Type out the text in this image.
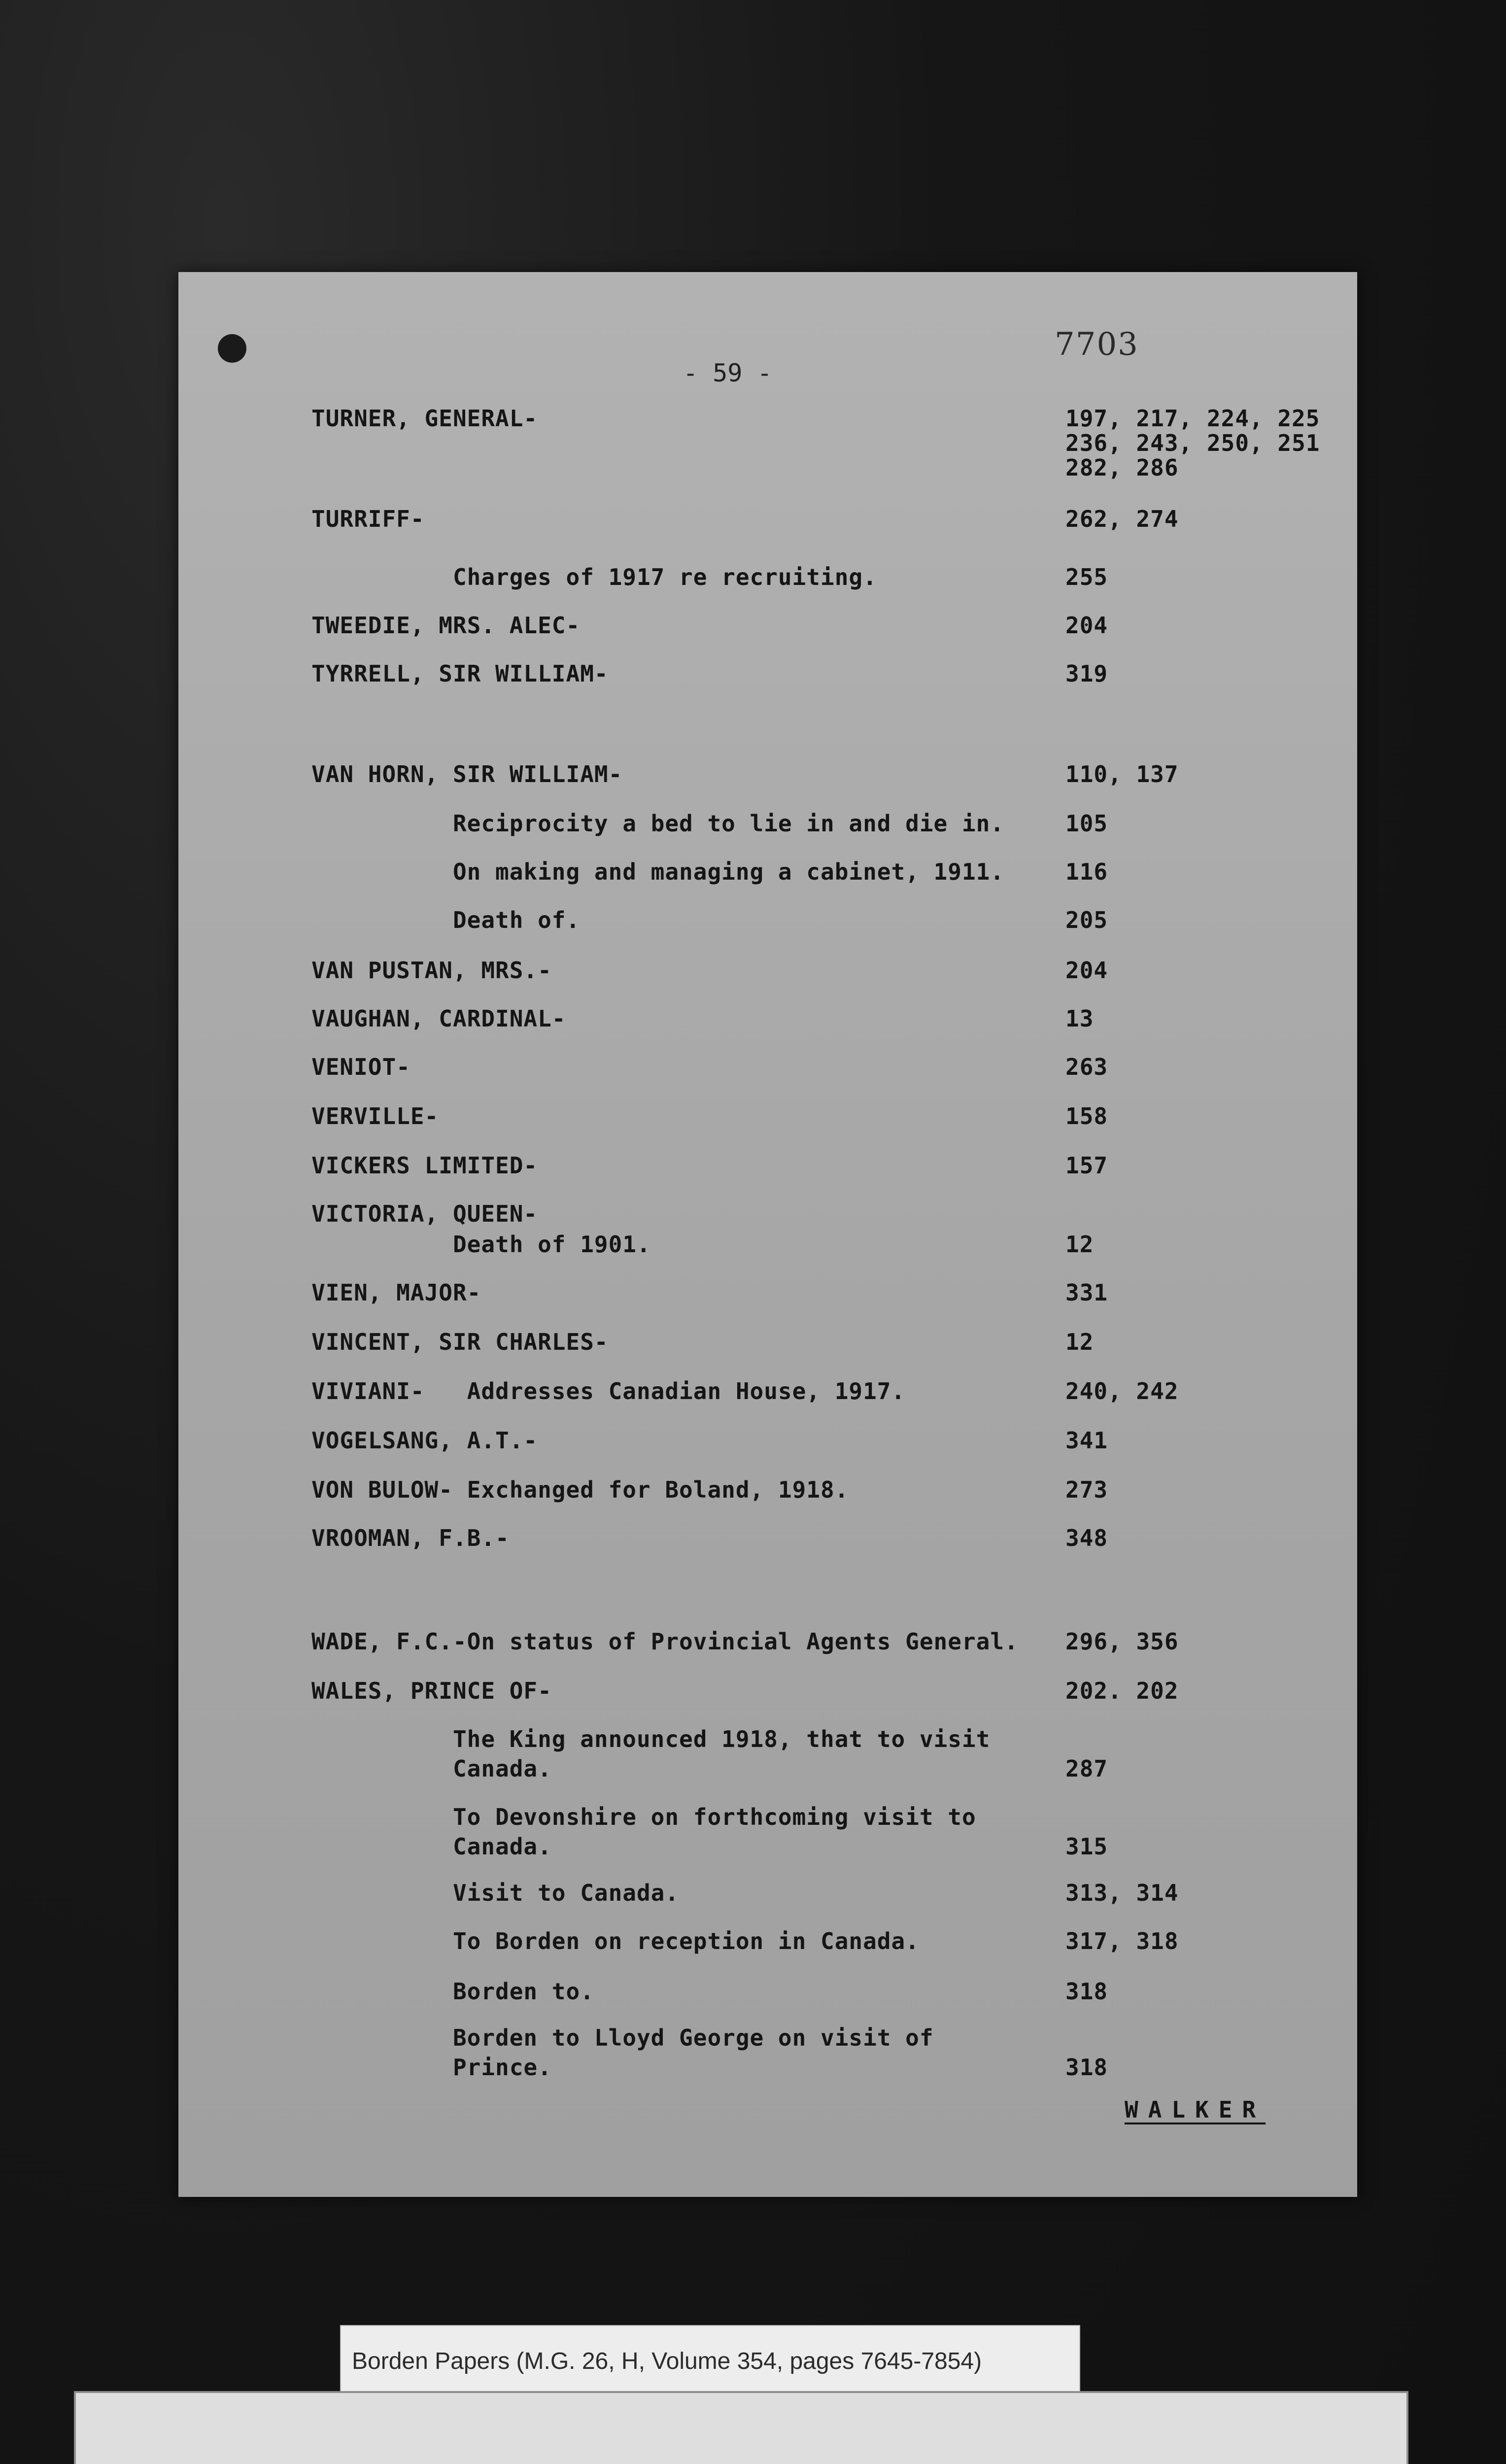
7703
- 59 -
TURNER, GENERAL-	197, 217, 224, 225
236, 243, 250, 251
282, 286
TURRIFF-	262, 274
Charges of 1917 re recruiting.	255
TWEEDIE, MRS. ALEC-	204
TYRRELL, SIR WILLIAM-	319
VAN HORN, SIR WILLIAM-	110, 137
Reciprocity a bed to lie in and die in.	105
On making and managing a cabinet, 1911.	116
Death of.	205
VAN PUSTAN, MRS.-	204
VAUGHAN, CARDINAL-	13
VENIOT-	263
VERVILLE-	158
VICKERS LIMITED-	157
VICTORIA, QUEEN-
Death of 1901.	12
VIEN, MAJOR-	331
VINCENT, SIR CHARLES-	12
VIVIANI-   Addresses Canadian House, 1917.	240, 242
VOGELSANG, A.T.-	341
VON BULOW- Exchanged for Boland, 1918.	273
VROOMAN, F.B.-	348
WADE, F.C.-On status of Provincial Agents General. 296, 356
WALES, PRINCE OF-	202. 202
The King announced 1918, that to visit
Canada.	287
To Devonshire on forthcoming visit to
Canada.	315
Visit to Canada.	313, 314
To Borden on reception in Canada.	317, 318
Borden to.	318
Borden to Lloyd George on visit of
Prince.	318
WALKER
Borden Papers (M.G. 26, H, Volume 354, pages 7645-7854)
